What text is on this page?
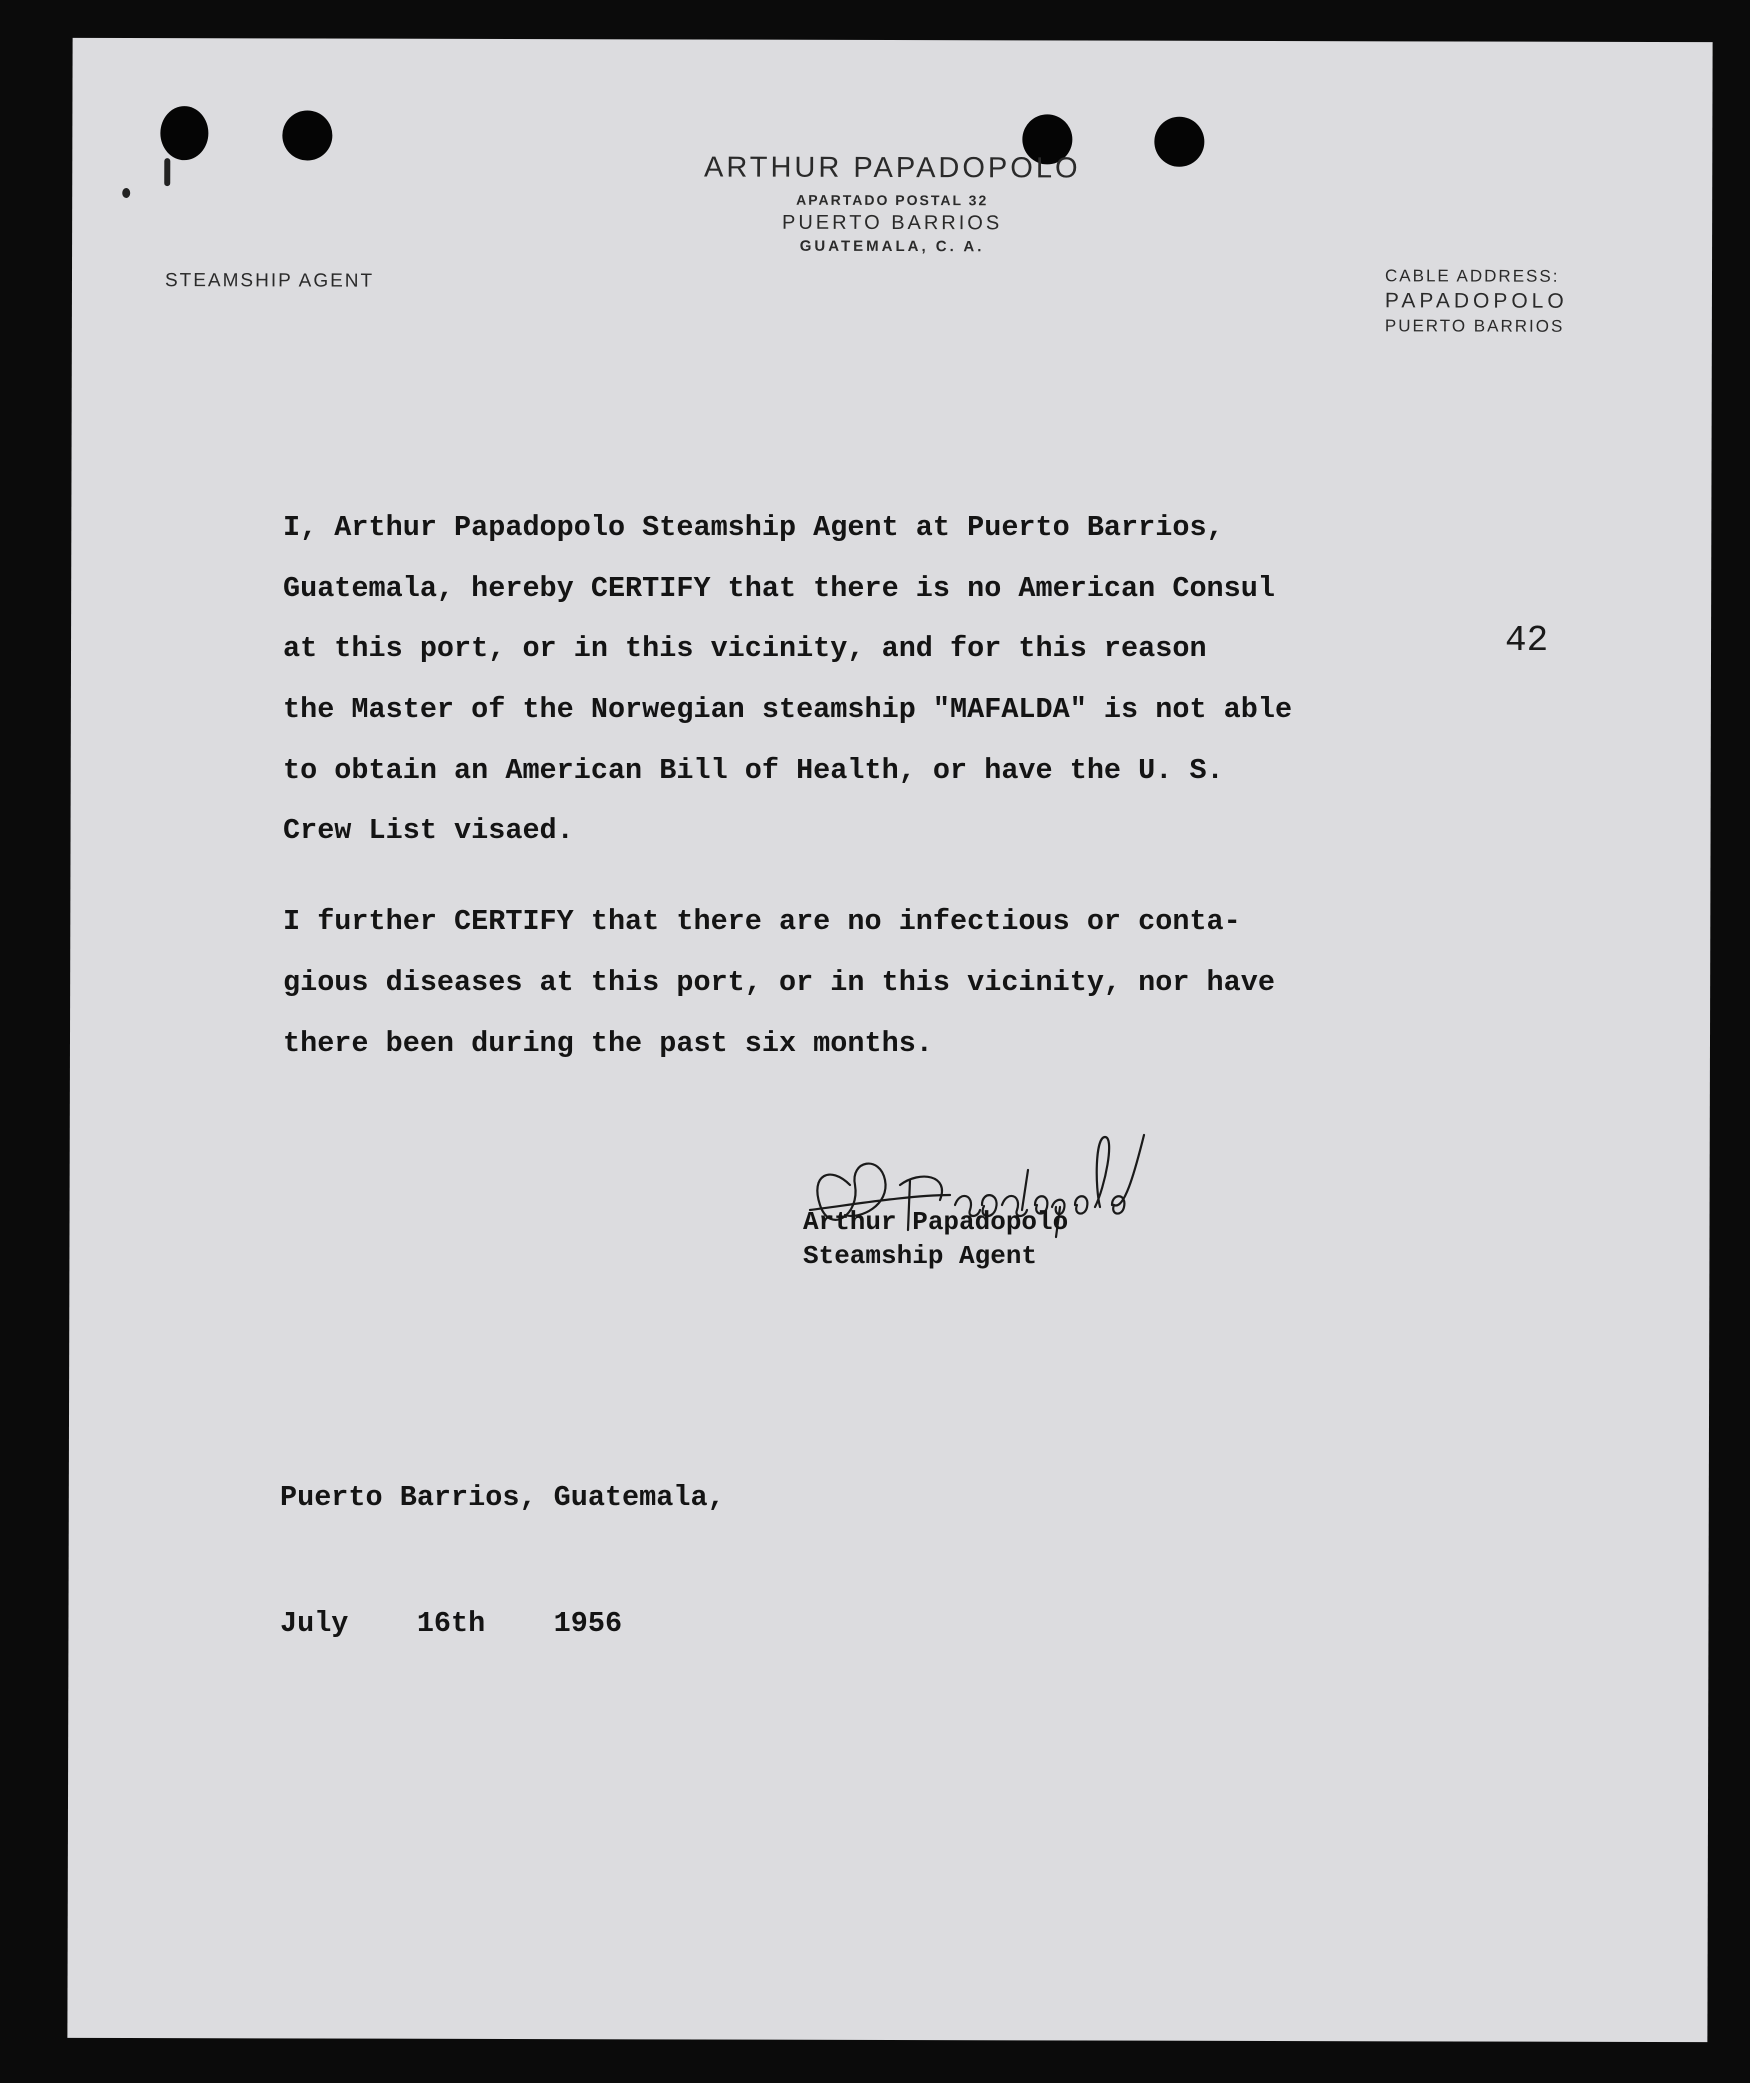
ARTHUR PAPADOPOLO
APARTADO POSTAL 32
PUERTO BARRIOS
GUATEMALA, C. A.
STEAMSHIP AGENT	CABLE ADDRESS:
PAPADOPOLO
PUERTO BARRIOS
42
I, Arthur Papadopolo Steamship Agent at Puerto Barrios,
Guatemala, hereby CERTIFY that there is no American Consul
at this port, or in this vicinity, and for this reason
the Master of the Norwegian steamship "MAFALDA" is not able
to obtain an American Bill of Health, or have the U. S.
Crew List visaed.
I further CERTIFY that there are no infectious or conta-
gious diseases at this port, or in this vicinity, nor have
there been during the past six months.
Arthur Papadopolo
Steamship Agent

Puerto Barrios, Guatemala,

July    16th    1956
